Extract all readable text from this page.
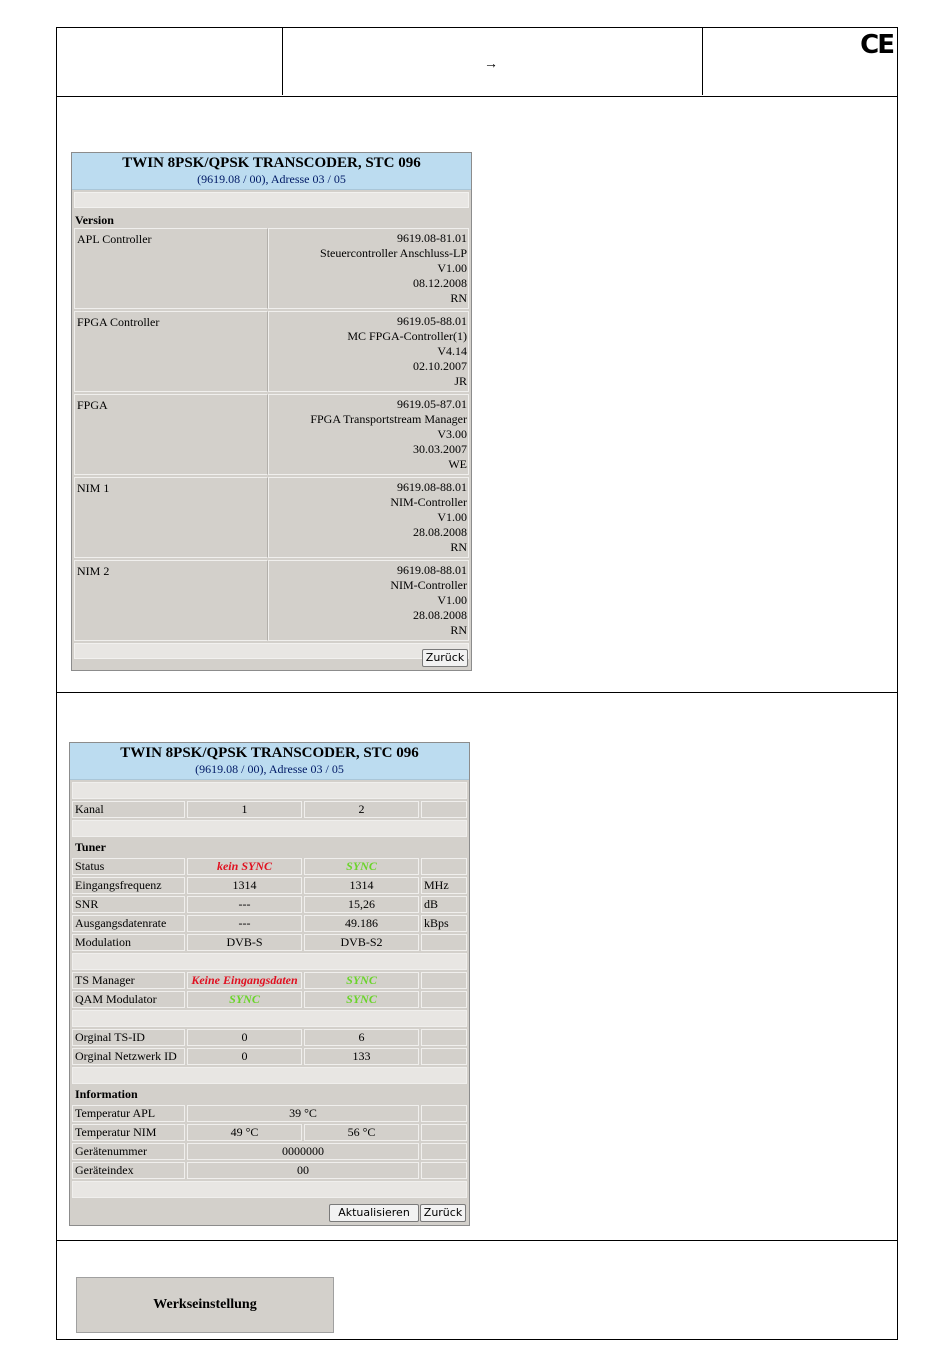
→
CE
TWIN 8PSK/QPSK TRANSCODER, STC 096
(9619.08 / 00), Adresse 03 / 05
Version
APL Controller	9619.08-81.01
Steuercontroller Anschluss-LP
V1.00
08.12.2008
RN
FPGA Controller	9619.05-88.01
MC FPGA-Controller(1)
V4.14
02.10.2007
JR
FPGA	9619.05-87.01
FPGA Transportstream Manager
V3.00
30.03.2007
WE
NIM 1	9619.08-88.01
NIM-Controller
V1.00
28.08.2008
RN
NIM 2	9619.08-88.01
NIM-Controller
V1.00
28.08.2008
RN
Zurück
TWIN 8PSK/QPSK TRANSCODER, STC 096
(9619.08 / 00), Adresse 03 / 05

Kanal	1	2	

Tuner			
Status	kein SYNC	SYNC	
Eingangsfrequenz	1314	1314	MHz
SNR	---	15,26	dB
Ausgangsdatenrate	---	49.186	kBps
Modulation	DVB-S	DVB-S2	

TS Manager	Keine Eingangsdaten	SYNC	
QAM Modulator	SYNC	SYNC	

Orginal TS-ID	0	6	
Orginal Netzwerk ID	0	133	

Information			
Temperatur APL	39 °C		
Temperatur NIM	49 °C	56 °C	
Gerätenummer	0000000		
Geräteindex	00		

Aktualisieren	Zurück
Werkseinstellung
